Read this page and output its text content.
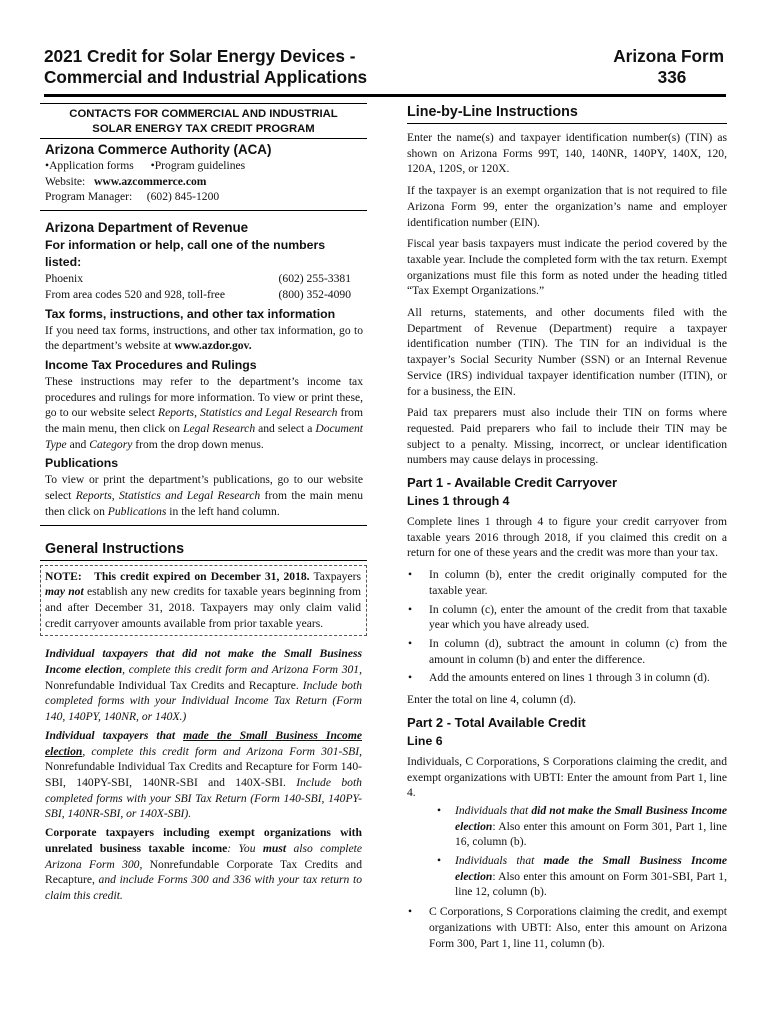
2021 Credit for Solar Energy Devices -
Commercial and Industrial Applications
Arizona Form
336
CONTACTS FOR COMMERCIAL AND INDUSTRIAL
SOLAR ENERGY TAX CREDIT PROGRAM
Arizona Commerce Authority (ACA)
•Application forms •Program guidelines
Website: www.azcommerce.com
Program Manager: (602) 845-1200
Arizona Department of Revenue
For information or help, call one of the numbers listed:
Phoenix	(602) 255-3381
From area codes 520 and 928, toll-free	(800) 352-4090
Tax forms, instructions, and other tax information
If you need tax forms, instructions, and other tax information, go to the department’s website at www.azdor.gov.
Income Tax Procedures and Rulings
These instructions may refer to the department’s income tax procedures and rulings for more information. To view or print these, go to our website select Reports, Statistics and Legal Research from the main menu, then click on Legal Research and select a Document Type and Category from the drop down menus.
Publications
To view or print the department’s publications, go to our website select Reports, Statistics and Legal Research from the main menu then click on Publications in the left hand column.
General Instructions
NOTE: This credit expired on December 31, 2018. Taxpayers may not establish any new credits for taxable years beginning from and after December 31, 2018. Taxpayers may only claim valid credit carryover amounts available from prior taxable years.
Individual taxpayers that did not make the Small Business Income election, complete this credit form and Arizona Form 301, Nonrefundable Individual Tax Credits and Recapture. Include both completed forms with your Individual Income Tax Return (Form 140, 140PY, 140NR, or 140X.)
Individual taxpayers that made the Small Business Income election, complete this credit form and Arizona Form 301-SBI, Nonrefundable Individual Tax Credits and Recapture for Form 140-SBI, 140PY-SBI, 140NR-SBI and 140X-SBI. Include both completed forms with your SBI Tax Return (Form 140-SBI, 140PY-SBI, 140NR-SBI, or 140X-SBI).
Corporate taxpayers including exempt organizations with unrelated business taxable income: You must also complete Arizona Form 300, Nonrefundable Corporate Tax Credits and Recapture, and include Forms 300 and 336 with your tax return to claim this credit.
Line-by-Line Instructions
Enter the name(s) and taxpayer identification number(s) (TIN) as shown on Arizona Forms 99T, 140, 140NR, 140PY, 140X, 120, 120A, 120S, or 120X.
If the taxpayer is an exempt organization that is not required to file Arizona Form 99, enter the organization’s name and employer identification number (EIN).
Fiscal year basis taxpayers must indicate the period covered by the taxable year. Include the completed form with the tax return. Exempt organizations must file this form as noted under the heading titled “Tax Exempt Organizations.”
All returns, statements, and other documents filed with the Department of Revenue (Department) require a taxpayer identification number (TIN). The TIN for an individual is the taxpayer’s Social Security Number (SSN) or an Internal Revenue Service (IRS) individual taxpayer identification number (ITIN), or for a business, the EIN.
Paid tax preparers must also include their TIN on forms where requested. Paid preparers who fail to include their TIN may be subject to a penalty. Missing, incorrect, or unclear identification numbers may cause delays in processing.
Part 1 - Available Credit Carryover
Lines 1 through 4
Complete lines 1 through 4 to figure your credit carryover from taxable years 2016 through 2018, if you claimed this credit on a return for one of these years and the credit was more than your tax.
• In column (b), enter the credit originally computed for the taxable year.
• In column (c), enter the amount of the credit from that taxable year which you have already used.
• In column (d), subtract the amount in column (c) from the amount in column (b) and enter the difference.
• Add the amounts entered on lines 1 through 3 in column (d).
Enter the total on line 4, column (d).
Part 2 - Total Available Credit
Line 6
Individuals, C Corporations, S Corporations claiming the credit, and exempt organizations with UBTI: Enter the amount from Part 1, line 4.
• Individuals that did not make the Small Business Income election: Also enter this amount on Form 301, Part 1, line 16, column (b).
• Individuals that made the Small Business Income election: Also enter this amount on Form 301-SBI, Part 1, line 12, column (b).
• C Corporations, S Corporations claiming the credit, and exempt organizations with UBTI: Also, enter this amount on Arizona Form 300, Part 1, line 11, column (b).
